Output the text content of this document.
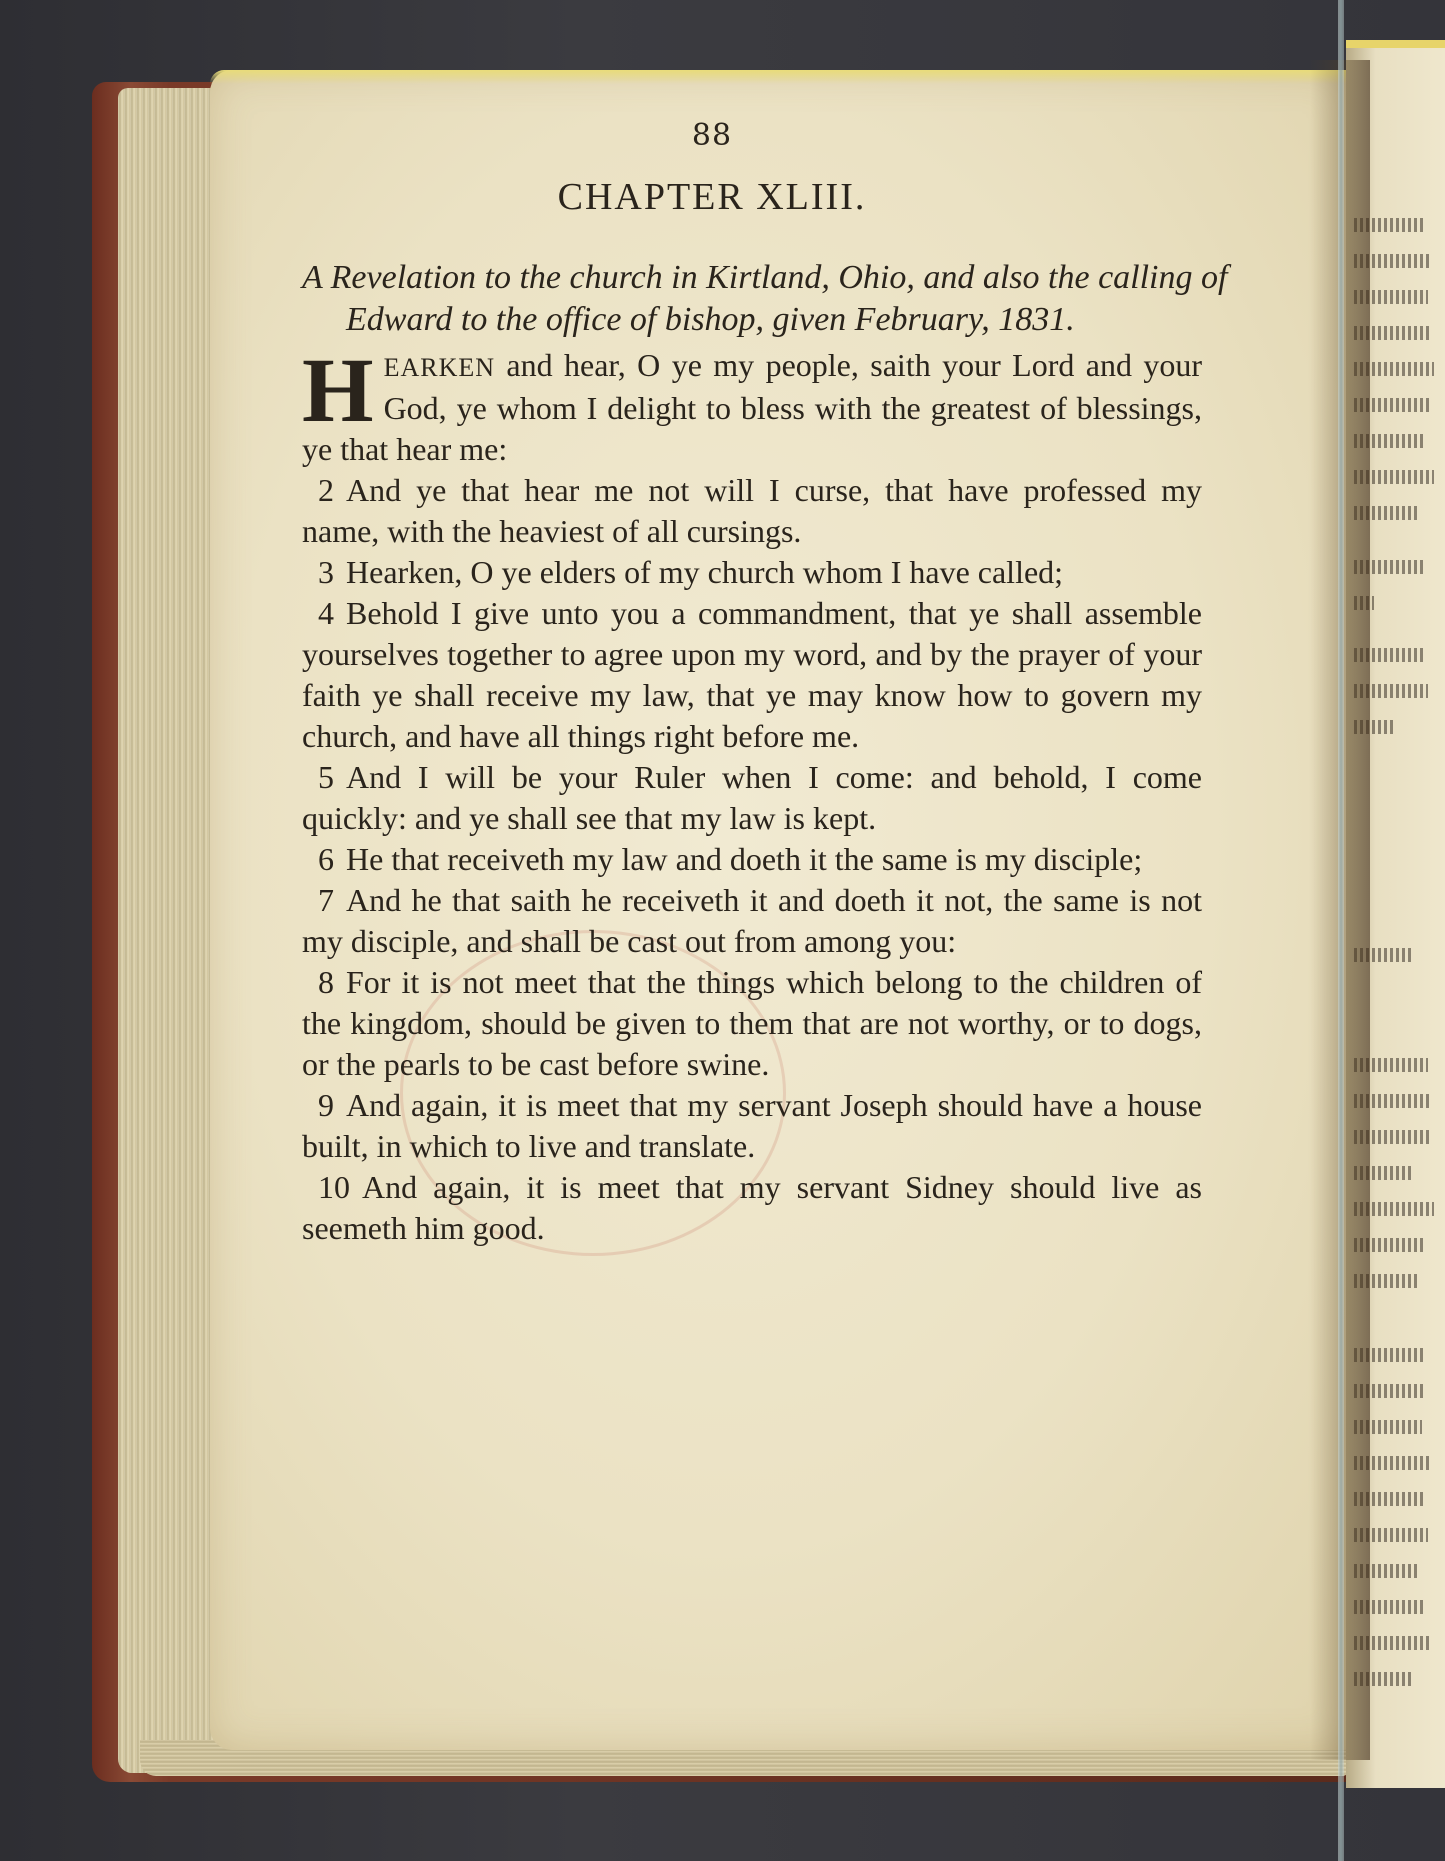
88
CHAPTER XLIII.
A Revelation to the church in Kirtland, Ohio, and also the calling of Edward to the office of bishop, given February, 1831.
HEARKEN and hear, O ye my people, saith your Lord and your God, ye whom I delight to bless with the greatest of blessings, ye that hear me:
2 And ye that hear me not will I curse, that have professed my name, with the heaviest of all cursings.
3 Hearken, O ye elders of my church whom I have called;
4 Behold I give unto you a commandment, that ye shall assemble yourselves together to agree upon my word, and by the prayer of your faith ye shall receive my law, that ye may know how to govern my church, and have all things right before me.
5 And I will be your Ruler when I come: and behold, I come quickly: and ye shall see that my law is kept.
6 He that receiveth my law and doeth it the same is my disciple;
7 And he that saith he receiveth it and doeth it not, the same is not my disciple, and shall be cast out from among you:
8 For it is not meet that the things which belong to the children of the kingdom, should be given to them that are not worthy, or to dogs, or the pearls to be cast before swine.
9 And again, it is meet that my servant Joseph should have a house built, in which to live and translate.
10 And again, it is meet that my servant Sidney should live as seemeth him good.
